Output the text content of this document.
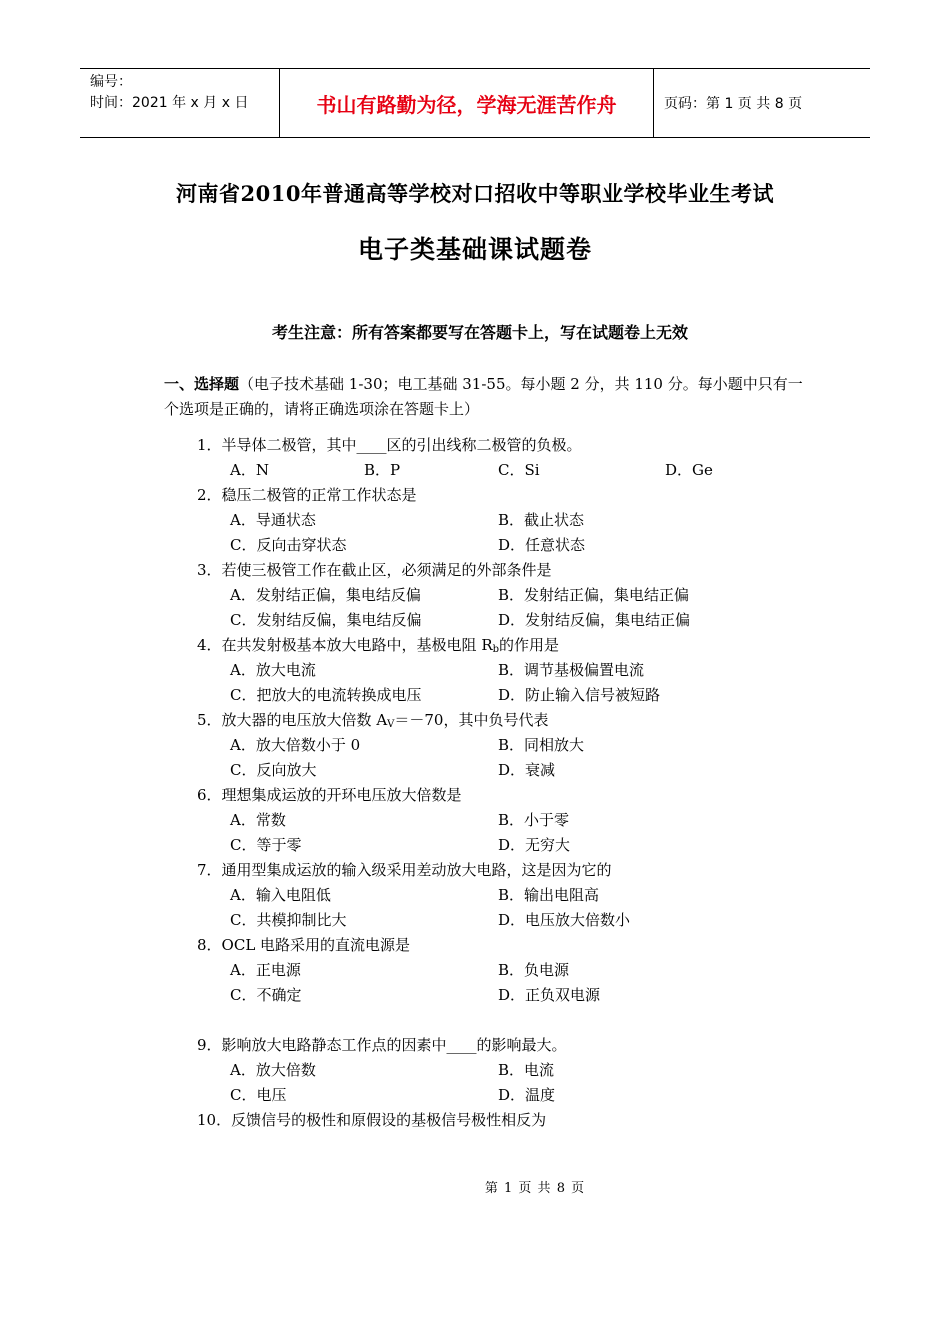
编号：
时间：2021 年 x 月 x 日	书山有路勤为径，学海无涯苦作舟	页码：第 1 页 共 8 页
河南省2010年普通高等学校对口招收中等职业学校毕业生考试
电子类基础课试题卷
考生注意：所有答案都要写在答题卡上，写在试题卷上无效
一、选择题（电子技术基础 1-30；电工基础 31-55。每小题 2 分，共 110 分。每小题中只有一个选项是正确的，请将正确选项涂在答题卡上）
1．半导体二极管，其中____区的引出线称二极管的负极。
A．N	B．P	C．Si	D．Ge
2．稳压二极管的正常工作状态是
A．导通状态	B．截止状态
C．反向击穿状态	D．任意状态
3．若使三极管工作在截止区，必须满足的外部条件是
A．发射结正偏，集电结反偏	B．发射结正偏，集电结正偏
C．发射结反偏，集电结反偏	D．发射结反偏，集电结正偏
4．在共发射极基本放大电路中，基极电阻 $R_b$的作用是
A．放大电流	B．调节基极偏置电流
C．把放大的电流转换成电压	D．防止输入信号被短路
5．放大器的电压放大倍数 $A_V=-70$，其中负号代表
A．放大倍数小于 0	B．同相放大
C．反向放大	D．衰减
6．理想集成运放的开环电压放大倍数是
A．常数	B．小于零
C．等于零	D．无穷大
7．通用型集成运放的输入级采用差动放大电路，这是因为它的
A．输入电阻低	B．输出电阻高
C．共模抑制比大	D．电压放大倍数小
8．OCL 电路采用的直流电源是
A．正电源	B．负电源
C．不确定	D．正负双电源
9．影响放大电路静态工作点的因素中____的影响最大。
A．放大倍数	B．电流
C．电压	D．温度
10．反馈信号的极性和原假设的基极信号极性相反为
第 1 页 共 8 页
